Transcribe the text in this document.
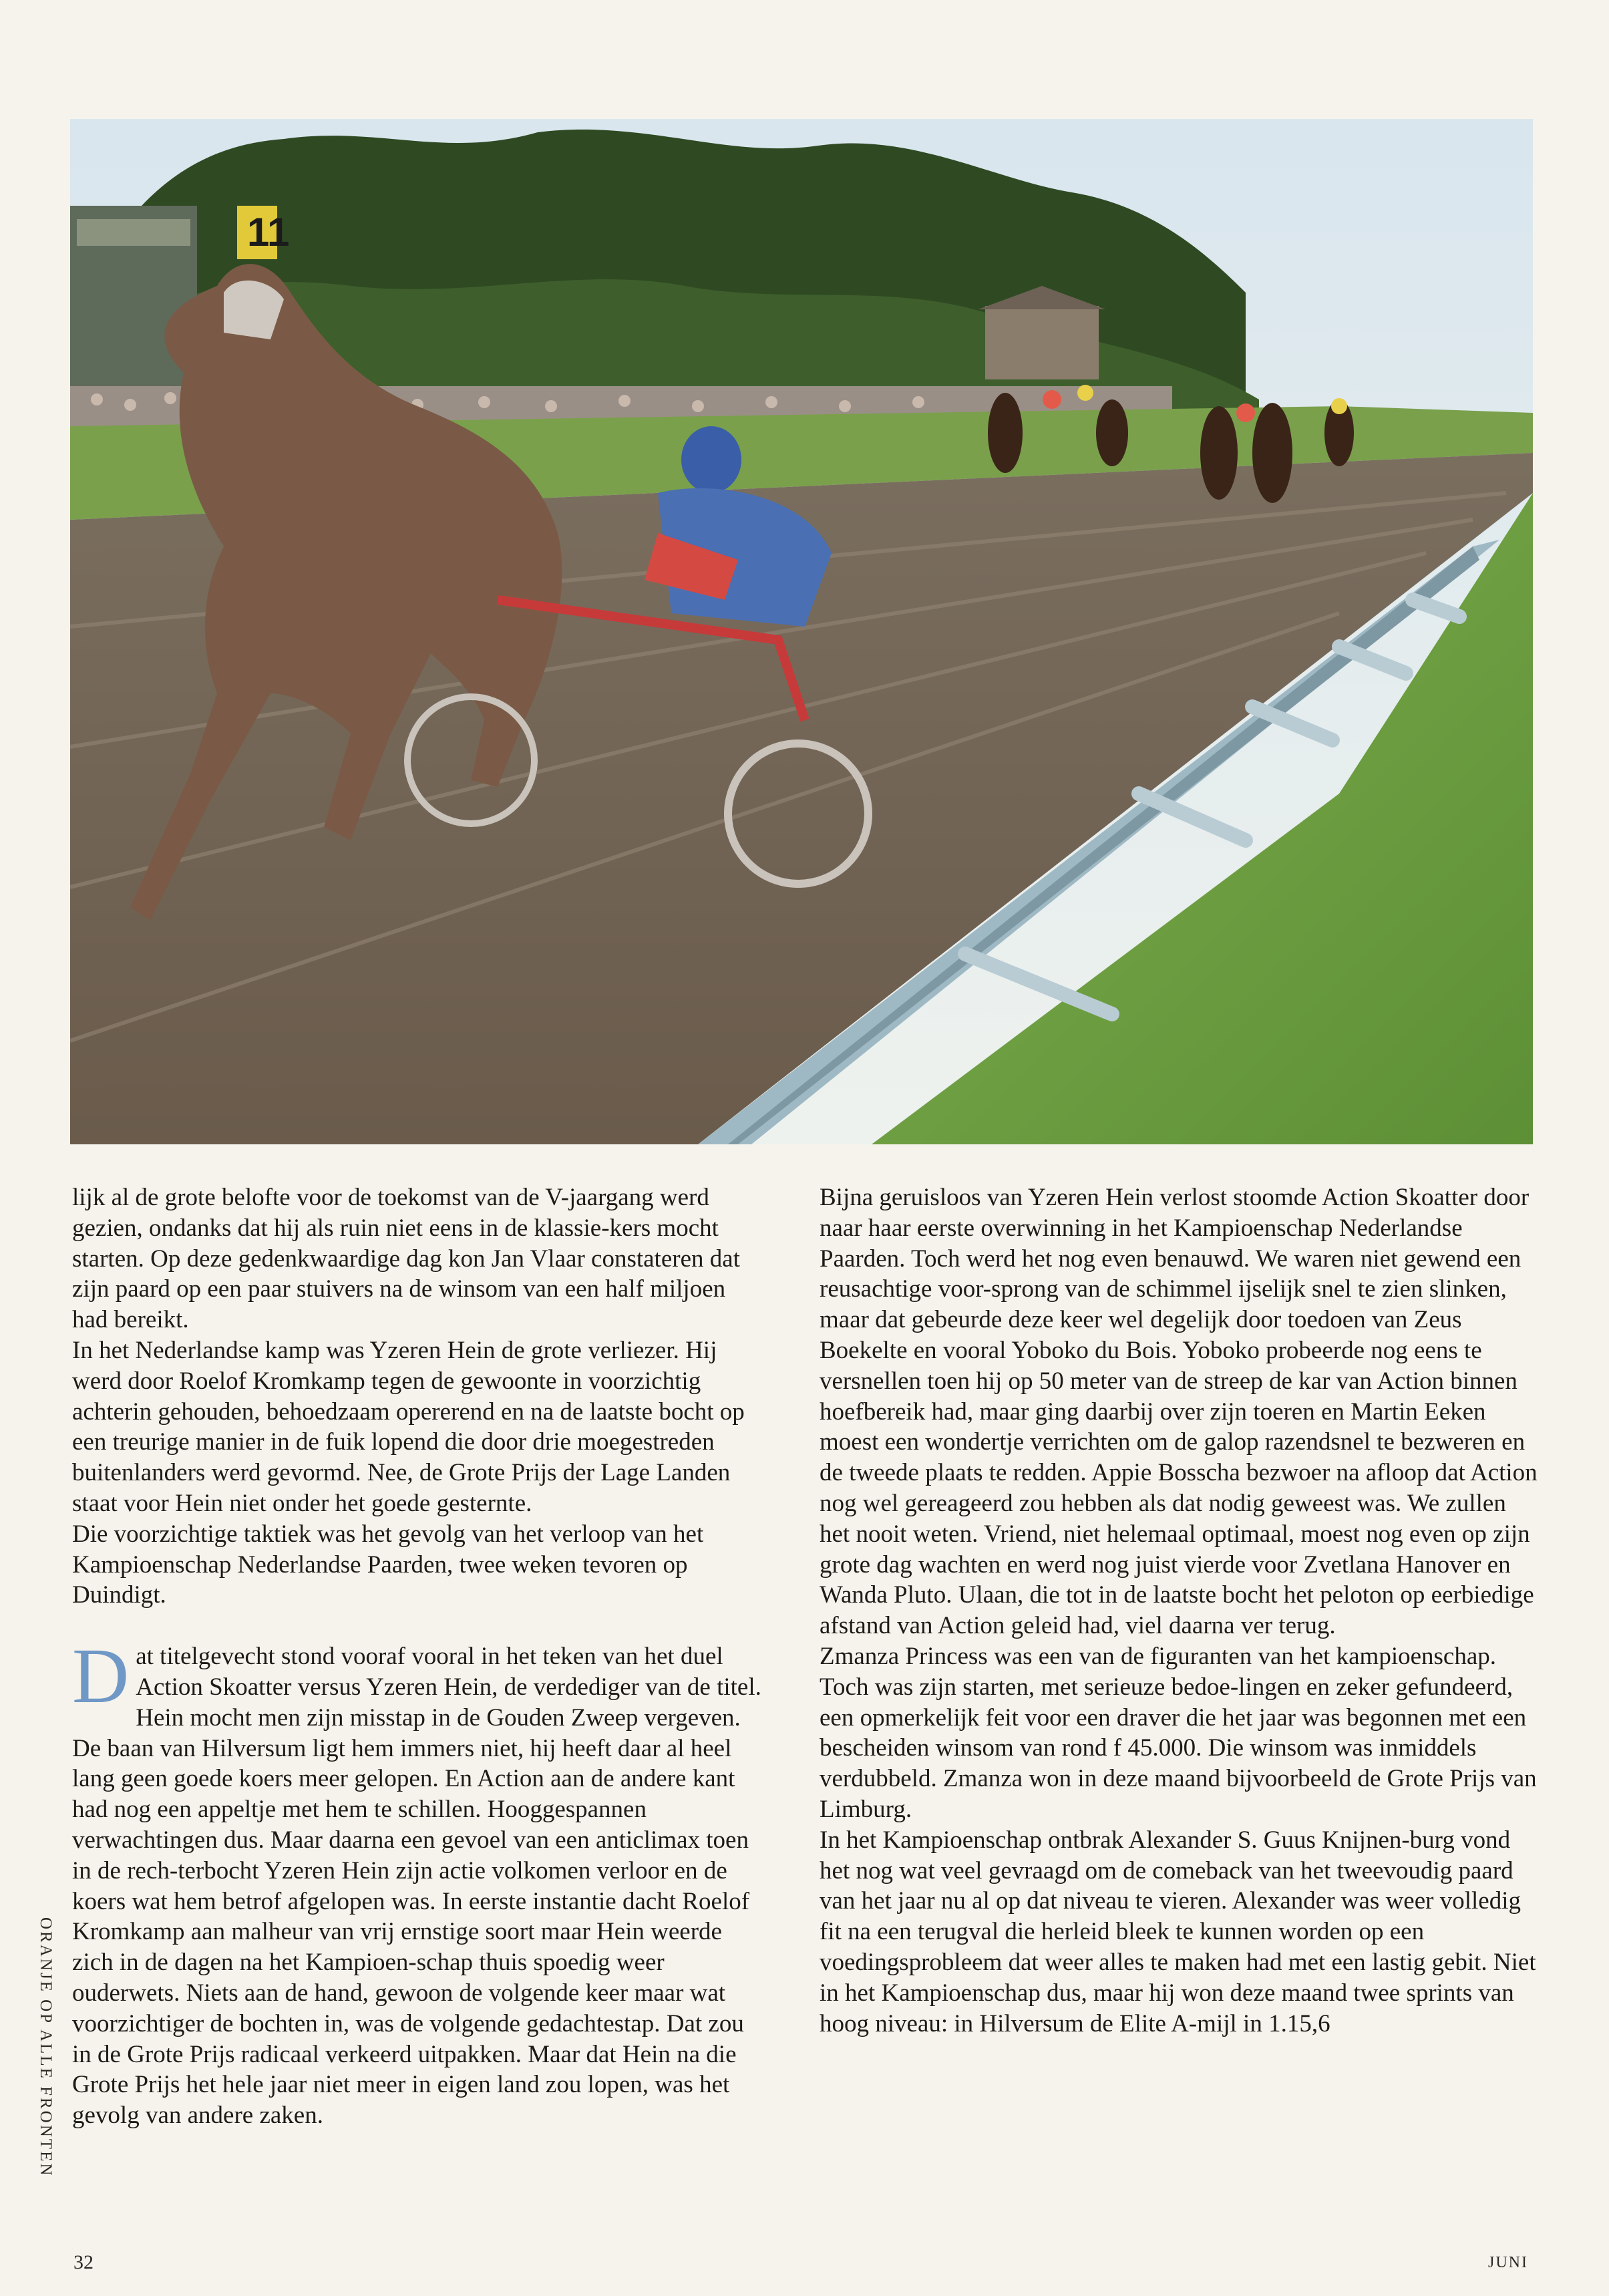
11

lijk al de grote belofte voor de toekomst van de V-jaargang werd gezien, ondanks dat hij als ruin niet eens in de klassie-kers mocht starten. Op deze gedenkwaardige dag kon Jan Vlaar constateren dat zijn paard op een paar stuivers na de winsom van een half miljoen had bereikt.

In het Nederlandse kamp was Yzeren Hein de grote verliezer. Hij werd door Roelof Kromkamp tegen de gewoonte in voorzichtig achterin gehouden, behoedzaam opererend en na de laatste bocht op een treurige manier in de fuik lopend die door drie moegestreden buitenlanders werd gevormd. Nee, de Grote Prijs der Lage Landen staat voor Hein niet onder het goede gesternte.

Die voorzichtige taktiek was het gevolg van het verloop van het Kampioenschap Nederlandse Paarden, twee weken tevoren op Duindigt.

Dat titelgevecht stond vooraf vooral in het teken van het duel Action Skoatter versus Yzeren Hein, de verdediger van de titel. Hein mocht men zijn misstap in de Gouden Zweep vergeven. De baan van Hilversum ligt hem immers niet, hij heeft daar al heel lang geen goede koers meer gelopen. En Action aan de andere kant had nog een appeltje met hem te schillen. Hooggespannen verwachtingen dus. Maar daarna een gevoel van een anticlimax toen in de rech-terbocht Yzeren Hein zijn actie volkomen verloor en de koers wat hem betrof afgelopen was. In eerste instantie dacht Roelof Kromkamp aan malheur van vrij ernstige soort maar Hein weerde zich in de dagen na het Kampioen-schap thuis spoedig weer ouderwets. Niets aan de hand, gewoon de volgende keer maar wat voorzichtiger de bochten in, was de volgende gedachtestap. Dat zou in de Grote Prijs radicaal verkeerd uitpakken. Maar dat Hein na die Grote Prijs het hele jaar niet meer in eigen land zou lopen, was het gevolg van andere zaken.

Bijna geruisloos van Yzeren Hein verlost stoomde Action Skoatter door naar haar eerste overwinning in het Kampioenschap Nederlandse Paarden. Toch werd het nog even benauwd. We waren niet gewend een reusachtige voor-sprong van de schimmel ijselijk snel te zien slinken, maar dat gebeurde deze keer wel degelijk door toedoen van Zeus Boekelte en vooral Yoboko du Bois. Yoboko probeerde nog eens te versnellen toen hij op 50 meter van de streep de kar van Action binnen hoefbereik had, maar ging daarbij over zijn toeren en Martin Eeken moest een wondertje verrichten om de galop razendsnel te bezweren en de tweede plaats te redden. Appie Bosscha bezwoer na afloop dat Action nog wel gereageerd zou hebben als dat nodig geweest was. We zullen het nooit weten. Vriend, niet helemaal optimaal, moest nog even op zijn grote dag wachten en werd nog juist vierde voor Zvetlana Hanover en Wanda Pluto. Ulaan, die tot in de laatste bocht het peloton op eerbiedige afstand van Action geleid had, viel daarna ver terug.

Zmanza Princess was een van de figuranten van het kampioenschap. Toch was zijn starten, met serieuze bedoe-lingen en zeker gefundeerd, een opmerkelijk feit voor een draver die het jaar was begonnen met een bescheiden winsom van rond f 45.000. Die winsom was inmiddels verdubbeld. Zmanza won in deze maand bijvoorbeeld de Grote Prijs van Limburg.

In het Kampioenschap ontbrak Alexander S. Guus Knijnen-burg vond het nog wat veel gevraagd om de comeback van het tweevoudig paard van het jaar nu al op dat niveau te vieren. Alexander was weer volledig fit na een terugval die herleid bleek te kunnen worden op een voedingsprobleem dat weer alles te maken had met een lastig gebit. Niet in het Kampioenschap dus, maar hij won deze maand twee sprints van hoog niveau: in Hilversum de Elite A-mijl in 1.15,6

ORANJE OP ALLE FRONTEN
32	JUNI
